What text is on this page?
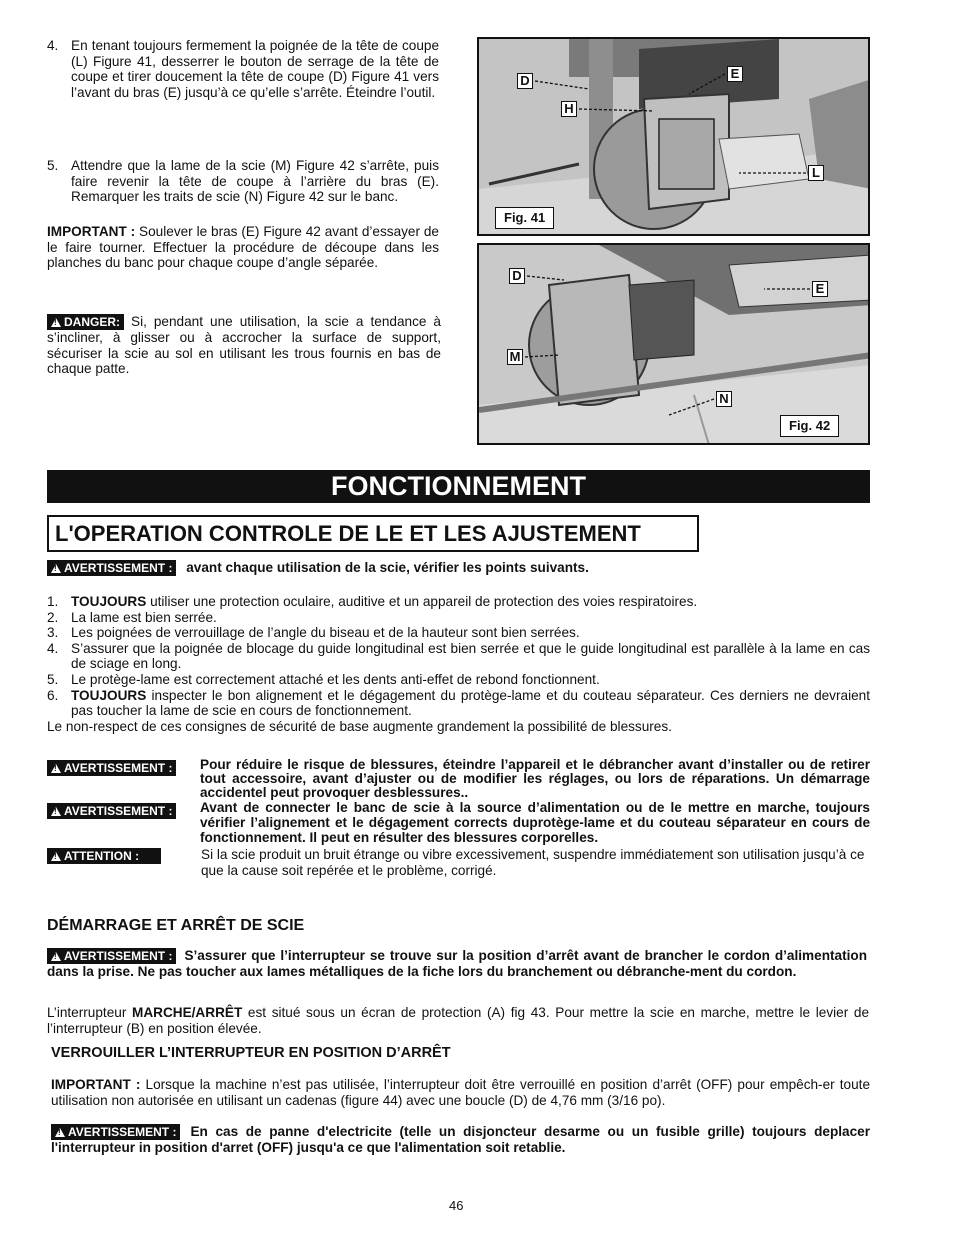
4. En tenant toujours fermement la poignée de la tête de coupe (L) Figure 41, desserrer le bouton de serrage de la tête de coupe et tirer doucement la tête de coupe (D) Figure 41 vers l’avant du bras (E) jusqu’à ce qu’elle s’arrête. Éteindre l’outil.
5. Attendre que la lame de la scie (M) Figure 42 s’arrête, puis faire revenir la tête de coupe à l’arrière du bras (E). Remarquer les traits de scie (N) Figure 42 sur le banc.
IMPORTANT : Soulever le bras (E) Figure 42 avant d’essayer de le faire tourner. Effectuer la procédure de découpe dans les planches du banc pour chaque coupe d’angle séparée.
!DANGER: Si, pendant une utilisation, la scie a tendance à s’incliner, à glisser ou à accrocher la surface de support, sécuriser la scie au sol en utilisant les trous fournis en bas de chaque patte.
D	E
H
L
Fig. 41
D
E
M
N
Fig. 42
FONCTIONNEMENT
L'OPERATION CONTROLE DE LE ET LES AJUSTEMENT
!AVERTISSEMENT : avant chaque utilisation de la scie, vérifier les points suivants.
1. TOUJOURS utiliser une protection oculaire, auditive et un appareil de protection des voies respiratoires.
2. La lame est bien serrée.
3. Les poignées de verrouillage de l’angle du biseau et de la hauteur sont bien serrées.
4. S’assurer que la poignée de blocage du guide longitudinal est bien serrée et que le guide longitudinal est parallèle à la lame en cas de sciage en long.
5. Le protège-lame est correctement attaché et les dents anti-effet de rebond fonctionnent.
6. TOUJOURS inspecter le bon alignement et le dégagement du protège-lame et du couteau séparateur. Ces derniers ne devraient pas toucher la lame de scie en cours de fonctionnement.
Le non-respect de ces consignes de sécurité de base augmente grandement la possibilité de blessures.
!AVERTISSEMENT : Pour réduire le risque de blessures, éteindre l’appareil et le débrancher avant d’installer ou de retirer tout accessoire, avant d’ajuster ou de modifier les réglages, ou lors de réparations. Un démarrage accidentel peut provoquer desblessures..
!AVERTISSEMENT : Avant de connecter le banc de scie à la source d’alimentation ou de le mettre en marche, toujours vérifier l’alignement et le dégagement corrects duprotège-lame et du couteau séparateur en cours de fonctionnement. Il peut en résulter des blessures corporelles.
!ATTENTION :	Si la scie produit un bruit étrange ou vibre excessivement, suspendre immédiatement son utilisation jusqu’à ce que la cause soit repérée et le problème, corrigé.
DÉMARRAGE ET ARRÊT DE SCIE
!AVERTISSEMENT : S’assurer que l’interrupteur se trouve sur la position d’arrêt avant de brancher le cordon d’alimentation dans la prise. Ne pas toucher aux lames métalliques de la fiche lors du branchement ou débranche-ment du cordon.
L’interrupteur MARCHE/ARRÊT est situé sous un écran de protection (A) fig 43. Pour mettre la scie en marche, mettre le levier de l’interrupteur (B) en position élevée.
VERROUILLER L’INTERRUPTEUR EN POSITION D’ARRÊT
IMPORTANT : Lorsque la machine n’est pas utilisée, l’interrupteur doit être verrouillé en position d’arrêt (OFF) pour empêch-er toute utilisation non autorisée en utilisant un cadenas (figure 44) avec une boucle (D) de 4,76 mm (3/16 po).
!AVERTISSEMENT : En cas de panne d'electricite (telle un disjoncteur desarme ou un fusible grille) toujours deplacer l'interrupteur in position d'arret (OFF) jusqu'a ce que l'alimentation soit retablie.
46
